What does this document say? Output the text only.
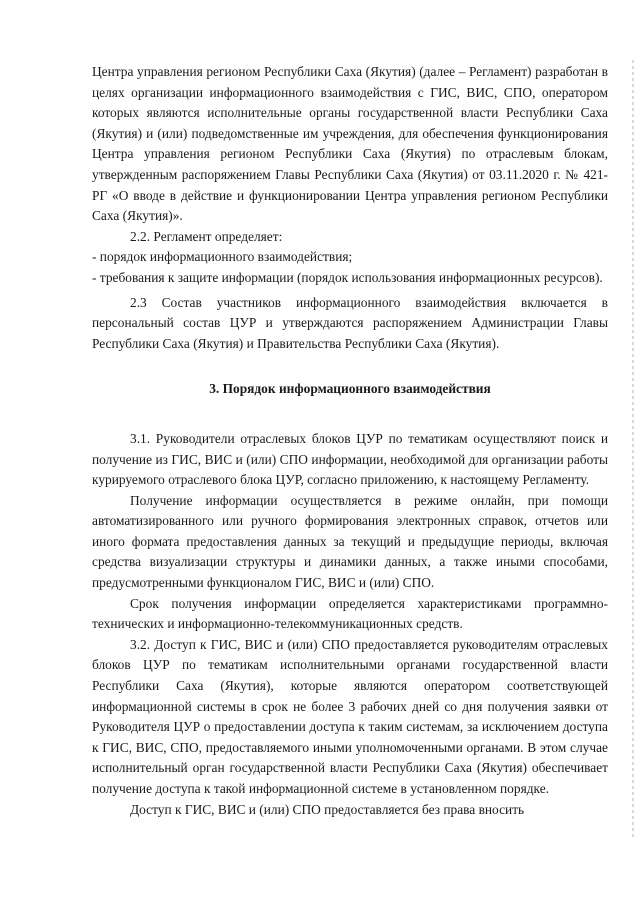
Центра управления регионом Республики Саха (Якутия) (далее – Регламент) разработан в целях организации информационного взаимодействия с ГИС, ВИС, СПО, оператором которых являются исполнительные органы государственной власти Республики Саха (Якутия) и (или) подведомственные им учреждения, для обеспечения функционирования Центра управления регионом Республики Саха (Якутия) по отраслевым блокам, утвержденным распоряжением Главы Республики Саха (Якутия) от 03.11.2020 г. № 421-РГ «О вводе в действие и функционировании Центра управления регионом Республики Саха (Якутия)».

2.2. Регламент определяет:

- порядок информационного взаимодействия;

- требования к защите информации (порядок использования информационных ресурсов).

2.3 Состав участников информационного взаимодействия включается в персональный состав ЦУР и утверждаются распоряжением Администрации Главы Республики Саха (Якутия) и Правительства Республики Саха (Якутия).

3. Порядок информационного взаимодействия

3.1. Руководители отраслевых блоков ЦУР по тематикам осуществляют поиск и получение из ГИС, ВИС и (или) СПО информации, необходимой для организации работы курируемого отраслевого блока ЦУР, согласно приложению, к настоящему Регламенту.

Получение информации осуществляется в режиме онлайн, при помощи автоматизированного или ручного формирования электронных справок, отчетов или иного формата предоставления данных за текущий и предыдущие периоды, включая средства визуализации структуры и динамики данных, а также иными способами, предусмотренными функционалом ГИС, ВИС и (или) СПО.

Срок получения информации определяется характеристиками программно-технических и информационно-телекоммуникационных средств.

3.2. Доступ к ГИС, ВИС и (или) СПО предоставляется руководителям отраслевых блоков ЦУР по тематикам исполнительными органами государственной власти Республики Саха (Якутия), которые являются оператором соответствующей информационной системы в срок не более 3 рабочих дней со дня получения заявки от Руководителя ЦУР о предоставлении доступа к таким системам, за исключением доступа к ГИС, ВИС, СПО, предоставляемого иными уполномоченными органами. В этом случае исполнительный орган государственной власти Республики Саха (Якутия) обеспечивает получение доступа к такой информационной системе в установленном порядке.

Доступ к ГИС, ВИС и (или) СПО предоставляется без права вносить
